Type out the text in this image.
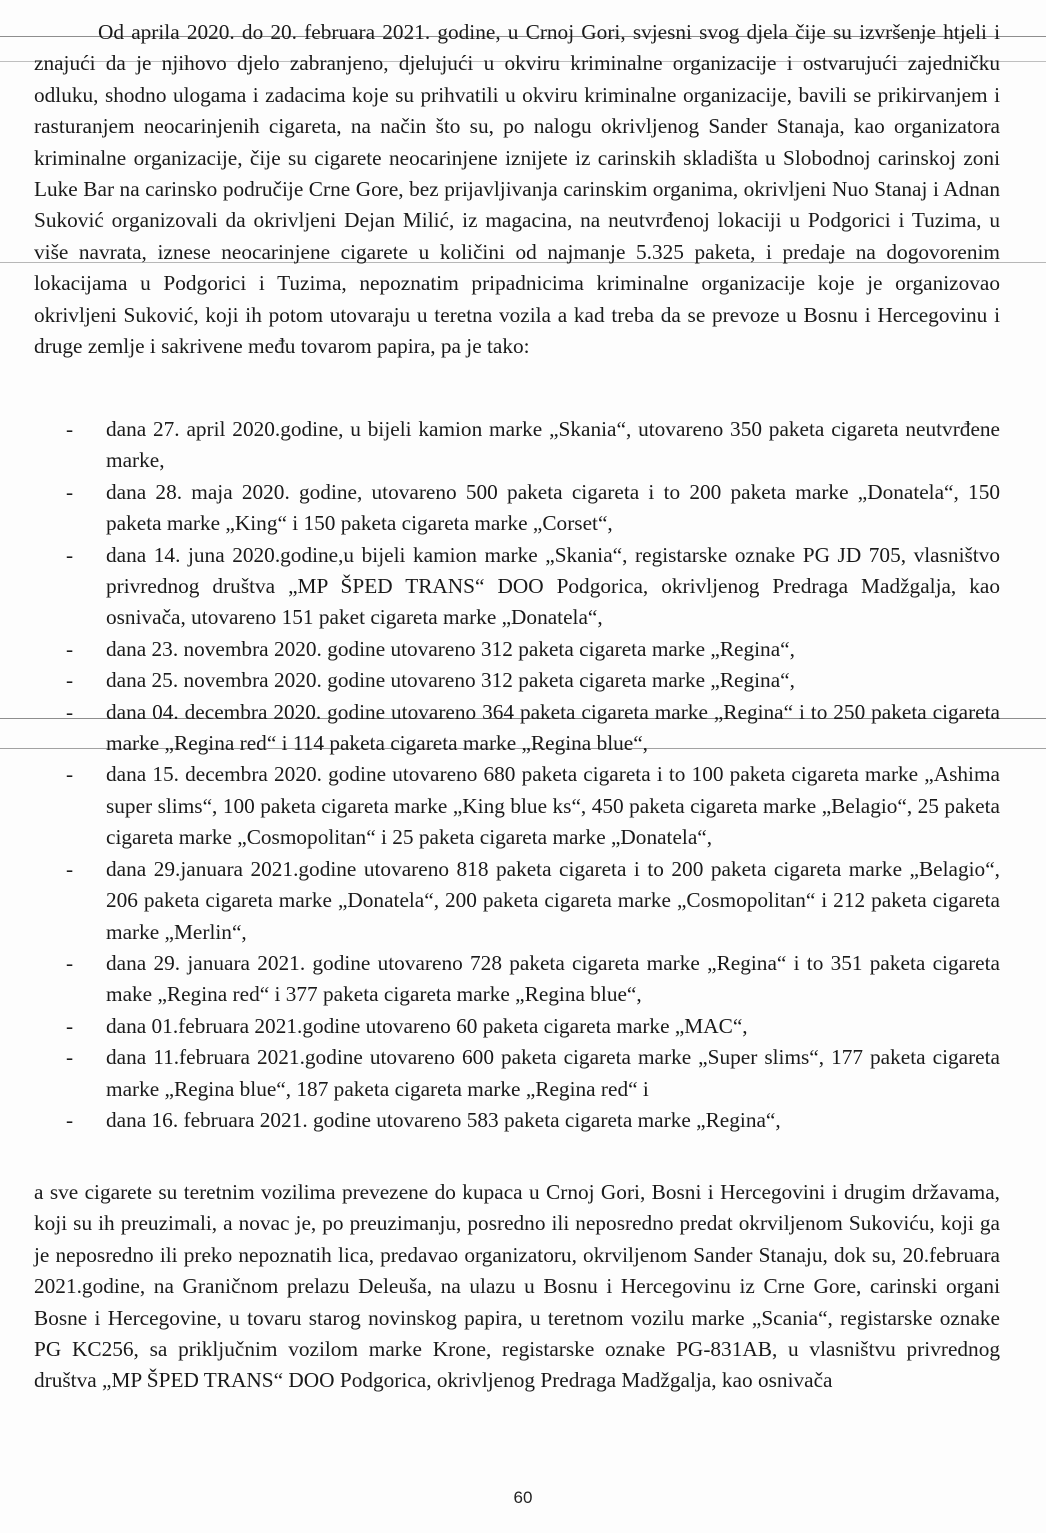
Od aprila 2020. do 20. februara 2021. godine, u Crnoj Gori, svjesni svog djela čije su izvršenje htjeli i znajući da je njihovo djelo zabranjeno, djelujući u okviru kriminalne organizacije i ostvarujući zajedničku odluku, shodno ulogama i zadacima koje su prihvatili u okviru kriminalne organizacije, bavili se prikirvanjem i rasturanjem neocarinjenih cigareta, na način što su, po nalogu okrivljenog Sander Stanaja, kao organizatora kriminalne organizacije, čije su cigarete neocarinjene iznijete iz carinskih skladišta u Slobodnoj carinskoj zoni Luke Bar na carinsko područije Crne Gore, bez prijavljivanja carinskim organima, okrivljeni Nuo Stanaj i Adnan Suković organizovali da okrivljeni Dejan Milić, iz magacina, na neutvrđenoj lokaciji u Podgorici i Tuzima, u više navrata, iznese neocarinjene cigarete u količini od najmanje 5.325 paketa, i predaje na dogovorenim lokacijama u Podgorici i Tuzima, nepoznatim pripadnicima kriminalne organizacije koje je organizovao okrivljeni Suković, koji ih potom utovaraju u teretna vozila a kad treba da se prevoze u Bosnu i Hercegovinu i druge zemlje i sakrivene među tovarom papira, pa je tako:
- dana 27. april 2020.godine, u bijeli kamion marke „Skania“, utovareno 350 paketa cigareta neutvrđene marke,
- dana 28. maja 2020. godine, utovareno 500 paketa cigareta i to 200 paketa marke „Donatela“, 150 paketa marke „King“ i 150 paketa cigareta marke „Corset“,
- dana 14. juna 2020.godine,u bijeli kamion marke „Skania“, registarske oznake PG JD 705, vlasništvo privrednog društva „MP ŠPED TRANS“ DOO Podgorica, okrivljenog Predraga Madžgalja, kao osnivača, utovareno 151 paket cigareta marke „Donatela“,
- dana 23. novembra 2020. godine utovareno 312 paketa cigareta marke „Regina“,
- dana 25. novembra 2020. godine utovareno 312 paketa cigareta marke „Regina“,
- dana 04. decembra 2020. godine utovareno 364 paketa cigareta marke „Regina“ i to 250 paketa cigareta marke „Regina red“ i 114 paketa cigareta marke „Regina blue“,
- dana 15. decembra 2020. godine utovareno 680 paketa cigareta i to 100 paketa cigareta marke „Ashima super slims“, 100 paketa cigareta marke „King blue ks“, 450 paketa cigareta marke „Belagio“, 25 paketa cigareta marke „Cosmopolitan“ i 25 paketa cigareta marke „Donatela“,
- dana 29.januara 2021.godine utovareno 818 paketa cigareta i to 200 paketa cigareta marke „Belagio“, 206 paketa cigareta marke „Donatela“, 200 paketa cigareta marke „Cosmopolitan“ i 212 paketa cigareta marke „Merlin“,
- dana 29. januara 2021. godine utovareno 728 paketa cigareta marke „Regina“ i to 351 paketa cigareta make „Regina red“ i 377 paketa cigareta marke „Regina blue“,
- dana 01.februara 2021.godine utovareno 60 paketa cigareta marke „MAC“,
- dana 11.februara 2021.godine utovareno 600 paketa cigareta marke „Super slims“, 177 paketa cigareta marke „Regina blue“, 187 paketa cigareta marke „Regina red“ i
- dana 16. februara 2021. godine utovareno 583 paketa cigareta marke „Regina“,
a sve cigarete su teretnim vozilima prevezene do kupaca u Crnoj Gori, Bosni i Hercegovini i drugim državama, koji su ih preuzimali, a novac je, po preuzimanju, posredno ili neposredno predat okrviljenom Sukoviću, koji ga je neposredno ili preko nepoznatih lica, predavao organizatoru, okrviljenom Sander Stanaju, dok su, 20.februara 2021.godine, na Graničnom prelazu Deleuša, na ulazu u Bosnu i Hercegovinu iz Crne Gore, carinski organi Bosne i Hercegovine, u tovaru starog novinskog papira, u teretnom vozilu marke „Scania“, registarske oznake PG KC256, sa priključnim vozilom marke Krone, registarske oznake PG-831AB, u vlasništvu privrednog društva „MP ŠPED TRANS“ DOO Podgorica, okrivljenog Predraga Madžgalja, kao osnivača
60
